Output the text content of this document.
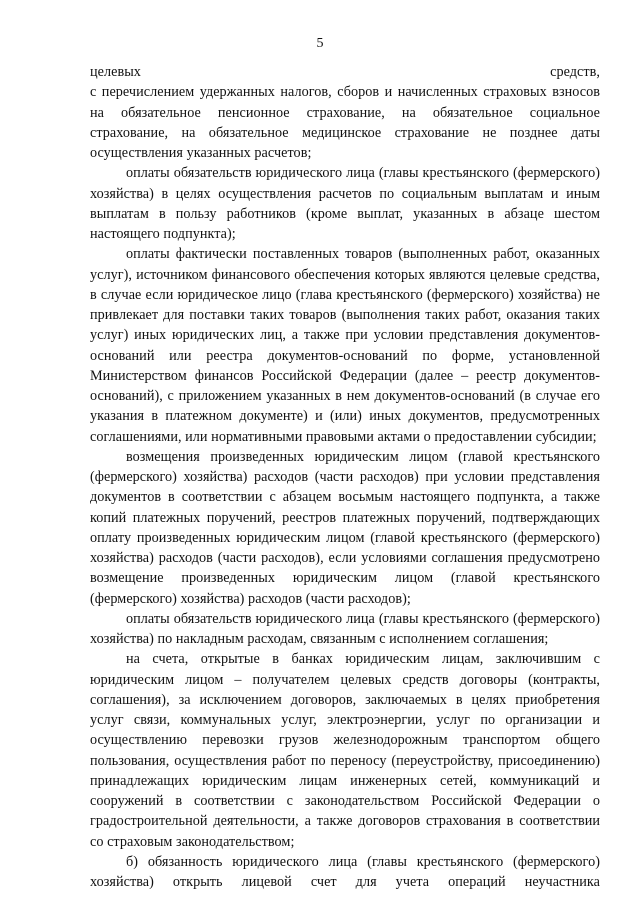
5
целевых	средств,
с перечислением удержанных налогов, сборов и начисленных страховых взносов на обязательное пенсионное страхование, на обязательное социальное страхование, на обязательное медицинское страхование не позднее даты осуществления указанных расчетов;

оплаты обязательств юридического лица (главы крестьянского (фермерского) хозяйства) в целях осуществления расчетов по социальным выплатам и иным выплатам в пользу работников (кроме выплат, указанных в абзаце шестом настоящего подпункта);

оплаты фактически поставленных товаров (выполненных работ, оказанных услуг), источником финансового обеспечения которых являются целевые средства, в случае если юридическое лицо (глава крестьянского (фермерского) хозяйства) не привлекает для поставки таких товаров (выполнения таких работ, оказания таких услуг) иных юридических лиц, а также при условии представления документов-оснований или реестра документов-оснований по форме, установленной Министерством финансов Российской Федерации (далее – реестр документов-оснований), с приложением указанных в нем документов-оснований (в случае его указания в платежном документе) и (или) иных документов, предусмотренных соглашениями, или нормативными правовыми актами о предоставлении субсидии;

возмещения произведенных юридическим лицом (главой крестьянского (фермерского) хозяйства) расходов (части расходов) при условии представления документов в соответствии с абзацем восьмым настоящего подпункта, а также копий платежных поручений, реестров платежных поручений, подтверждающих оплату произведенных юридическим лицом (главой крестьянского (фермерского) хозяйства) расходов (части расходов), если условиями соглашения предусмотрено возмещение произведенных юридическим лицом (главой крестьянского (фермерского) хозяйства) расходов (части расходов);

оплаты обязательств юридического лица (главы крестьянского (фермерского) хозяйства) по накладным расходам, связанным с исполнением соглашения;

на счета, открытые в банках юридическим лицам, заключившим с юридическим лицом – получателем целевых средств договоры (контракты, соглашения), за исключением договоров, заключаемых в целях приобретения услуг связи, коммунальных услуг, электроэнергии, услуг по организации и осуществлению перевозки грузов железнодорожным транспортом общего пользования, осуществления работ по переносу (переустройству, присоединению) принадлежащих юридическим лицам инженерных сетей, коммуникаций и сооружений в соответствии с законодательством Российской Федерации о градостроительной деятельности, а также договоров страхования в соответствии со страховым законодательством;

б) обязанность юридического лица (главы крестьянского (фермерского) хозяйства) открыть лицевой счет для учета операций неучастника
